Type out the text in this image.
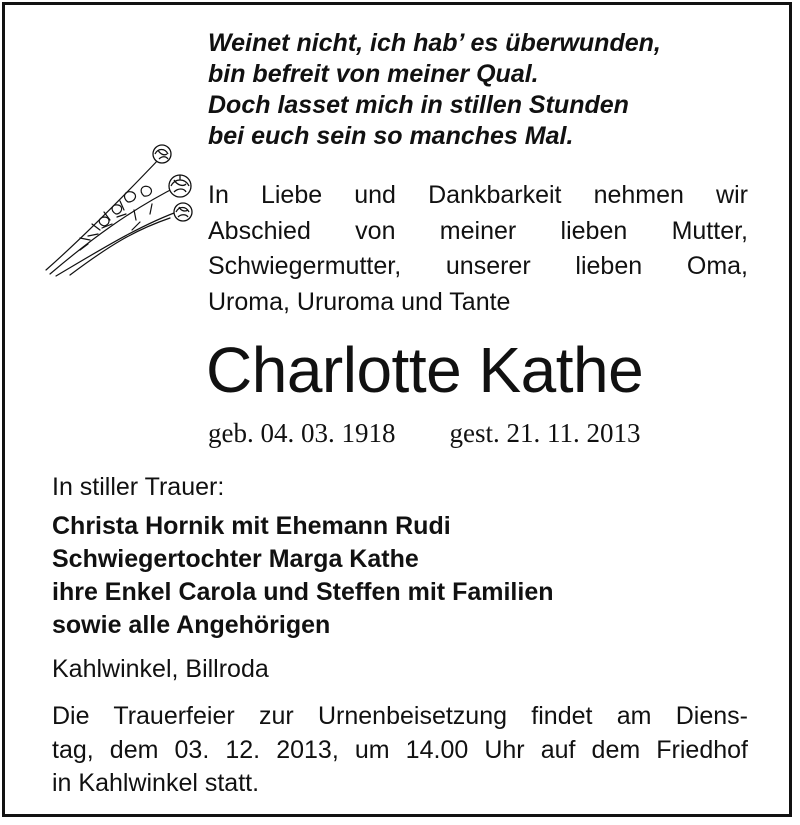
Weinet nicht, ich hab’ es überwunden,
bin befreit von meiner Qual.
Doch lasset mich in stillen Stunden
bei euch sein so manches Mal.
In Liebe und Dankbarkeit nehmen wir
Abschied von meiner lieben Mutter,
Schwiegermutter, unserer lieben Oma,
Uroma, Ururoma und Tante
Charlotte Kathe
geb. 04. 03. 1918 gest. 21. 11. 2013
In stiller Trauer:
Christa Hornik mit Ehemann Rudi
Schwiegertochter Marga Kathe
ihre Enkel Carola und Steffen mit Familien
sowie alle Angehörigen
Kahlwinkel, Billroda
Die Trauerfeier zur Urnenbeisetzung findet am Diens-
tag, dem 03. 12. 2013, um 14.00 Uhr auf dem Friedhof
in Kahlwinkel statt.
